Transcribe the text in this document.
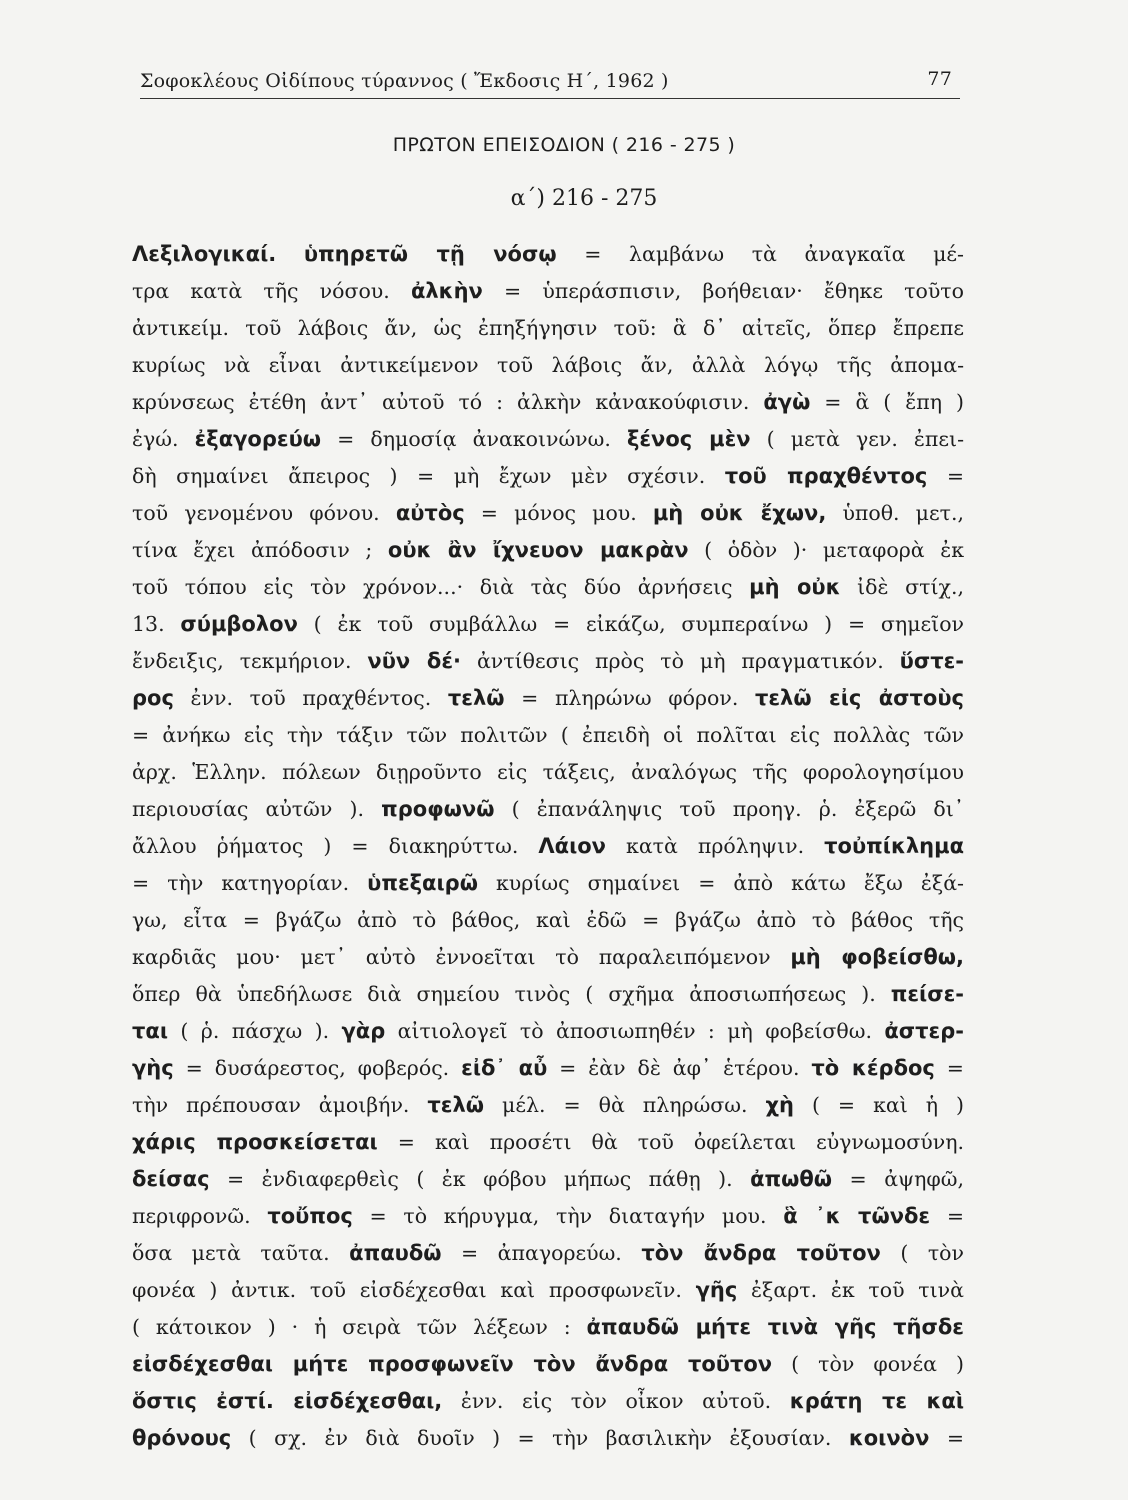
Σοφοκλέους Οἰδίπους τύραννος ( Ἔκδοσις Η΄, 1962 )	77
ΠΡΩΤΟΝ ΕΠΕΙΣΟΔΙΟΝ ( 216 - 275 )
α΄) 216 - 275
Λεξιλογικαί. ὑπηρετῶ τῇ νόσῳ = λαμβάνω τὰ ἀναγκαῖα μέ-
τρα κατὰ τῆς νόσου. ἀλκὴν = ὑπεράσπισιν, βοήθειαν· ἔθηκε τοῦτο
ἀντικείμ. τοῦ λάβοις ἄν, ὡς ἐπηξήγησιν τοῦ: ἃ δ᾽ αἰτεῖς, ὅπερ ἔπρεπε
κυρίως νὰ εἶναι ἀντικείμενον τοῦ λάβοις ἄν, ἀλλὰ λόγῳ τῆς ἀπομα-
κρύνσεως ἐτέθη ἀντ᾽ αὐτοῦ τό : ἀλκὴν κἀνακούφισιν. ἀγὼ = ἃ ( ἔπη )
ἐγώ. ἐξαγορεύω = δημοσίᾳ ἀνακοινώνω. ξένος μὲν ( μετὰ γεν. ἐπει-
δὴ σημαίνει ἄπειρος ) = μὴ ἔχων μὲν σχέσιν. τοῦ πραχθέντος =
τοῦ γενομένου φόνου. αὐτὸς = μόνος μου. μὴ οὐκ ἔχων, ὑποθ. μετ.,
τίνα ἔχει ἀπόδοσιν ; οὐκ ἂν ἴχνευον μακρὰν ( ὁδὸν )· μεταφορὰ ἐκ
τοῦ τόπου εἰς τὸν χρόνον...· διὰ τὰς δύο ἀρνήσεις μὴ οὐκ ἰδὲ στίχ.,
13. σύμβολον ( ἐκ τοῦ συμβάλλω = εἰκάζω, συμπεραίνω ) = σημεῖον
ἔνδειξις, τεκμήριον. νῦν δέ· ἀντίθεσις πρὸς τὸ μὴ πραγματικόν. ὕστε-
ρος ἐνν. τοῦ πραχθέντος. τελῶ = πληρώνω φόρον. τελῶ εἰς ἀστοὺς
= ἀνήκω εἰς τὴν τάξιν τῶν πολιτῶν ( ἐπειδὴ οἱ πολῖται εἰς πολλὰς τῶν
ἀρχ. Ἑλλην. πόλεων διῃροῦντο εἰς τάξεις, ἀναλόγως τῆς φορολογησίμου
περιουσίας αὐτῶν ). προφωνῶ ( ἐπανάληψις τοῦ προηγ. ῥ. ἐξερῶ δι᾽
ἄλλου ῥήματος ) = διακηρύττω. Λάιον κατὰ πρόληψιν. τοὐπίκλημα
= τὴν κατηγορίαν. ὑπεξαιρῶ κυρίως σημαίνει = ἀπὸ κάτω ἔξω ἐξά-
γω, εἶτα = βγάζω ἀπὸ τὸ βάθος, καὶ ἐδῶ = βγάζω ἀπὸ τὸ βάθος τῆς
καρδιᾶς μου· μετ᾽ αὐτὸ ἐννοεῖται τὸ παραλειπόμενον μὴ φοβείσθω,
ὅπερ θὰ ὑπεδήλωσε διὰ σημείου τινὸς ( σχῆμα ἀποσιωπήσεως ). πείσε-
ται ( ῥ. πάσχω ). γὰρ αἰτιολογεῖ τὸ ἀποσιωπηθέν : μὴ φοβείσθω. ἀστερ-
γὴς = δυσάρεστος, φοβερός. εἰδ᾽ αὖ = ἐὰν δὲ ἀφ᾽ ἑτέρου. τὸ κέρδος =
τὴν πρέπουσαν ἀμοιβήν. τελῶ μέλ. = θὰ πληρώσω. χὴ ( = καὶ ἡ )
χάρις προσκείσεται = καὶ προσέτι θὰ τοῦ ὀφείλεται εὐγνωμοσύνη.
δείσας = ἐνδιαφερθεὶς ( ἐκ φόβου μήπως πάθῃ ). ἀπωθῶ = ἀψηφῶ,
περιφρονῶ. τοὔπος = τὸ κήρυγμα, τὴν διαταγήν μου. ἃ ᾽κ τῶνδε =
ὅσα μετὰ ταῦτα. ἀπαυδῶ = ἀπαγορεύω. τὸν ἄνδρα τοῦτον ( τὸν
φονέα ) ἀντικ. τοῦ εἰσδέχεσθαι καὶ προσφωνεῖν. γῆς ἐξαρτ. ἐκ τοῦ τινὰ
( κάτοικον ) · ἡ σειρὰ τῶν λέξεων : ἀπαυδῶ μήτε τινὰ γῆς τῆσδε
εἰσδέχεσθαι μήτε προσφωνεῖν τὸν ἄνδρα τοῦτον ( τὸν φονέα )
ὅστις ἐστί. εἰσδέχεσθαι, ἐνν. εἰς τὸν οἶκον αὐτοῦ. κράτη τε καὶ
θρόνους ( σχ. ἐν διὰ δυοῖν ) = τὴν βασιλικὴν ἐξουσίαν. κοινὸν =
